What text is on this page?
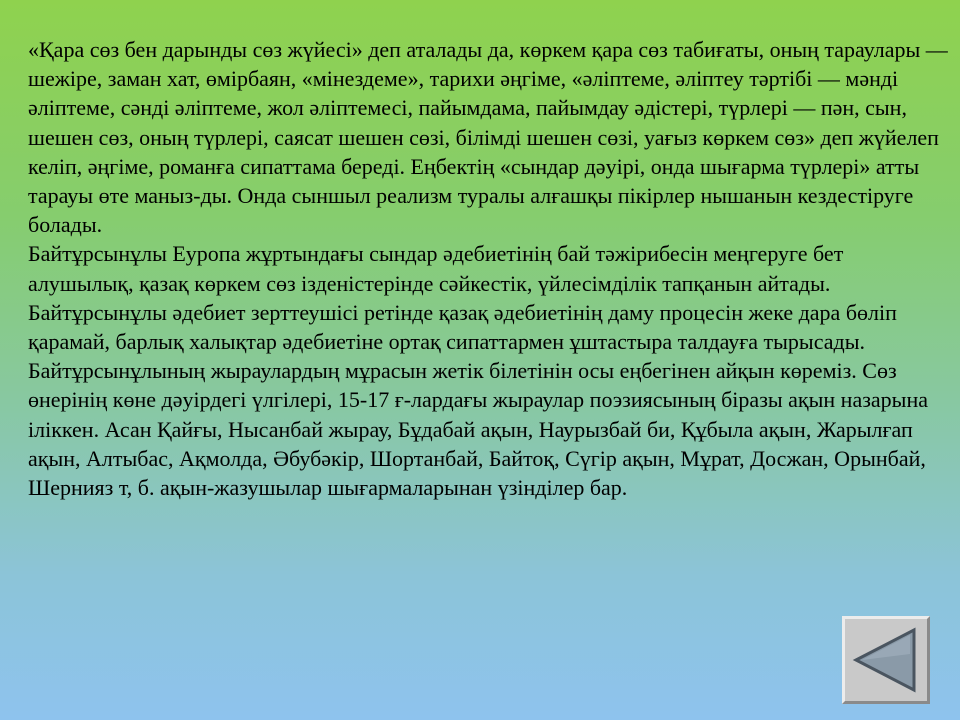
«Қара сөз бен дарынды сөз жүйесі» деп аталады да, көркем қара сөз табиғаты, оның тараулары — шежіре, заман хат, өмірбаян, «мінездеме», тарихи әңгіме, «әліптеме, әліптеу тәртібі — мәнді әліптеме, сәнді әліптеме, жол әліптемесі, пайымдама, пайымдау әдістері, түрлері — пән, сын, шешен сөз, оның түрлері, саясат шешен сөзі, білімді шешен сөзі, уағыз көркем сөз» деп жүйелеп келіп, әңгіме, романға сипаттама береді. Еңбектің «сындар дәуірі, онда шығарма түрлері» атты тарауы өте маныз-ды. Онда сыншыл реализм туралы алғашқы пікірлер нышанын кездестіруге болады.

Байтұрсынұлы Еуропа жұртындағы сындар әдебиетінің бай тәжірибесін меңгеруге бет алушылық, қазақ көркем сөз ізденістерінде сәйкестік, үйлесімділік тапқанын айтады. Байтұрсынұлы әдебиет зерттеушісі ретінде қазақ әдебиетінің даму процесін жеке дара бөліп қарамай, барлық халықтар әдебиетіне ортақ сипаттармен ұштастыра талдауға тырысады.

Байтұрсынұлының жыраулардың мұрасын жетік білетінін осы еңбегінен айқын көреміз. Сөз өнерінің көне дәуірдегі үлгілері, 15-17 ғ-лардағы жыраулар поэзиясының біразы ақын назарына іліккен. Асан Қайғы, Нысанбай жырау, Бұдабай ақын, Наурызбай би, Құбыла ақын, Жарылғап ақын, Алтыбас, Ақмолда, Әбубәкір, Шортанбай, Байтоқ, Сүгір ақын, Мұрат, Досжан, Орынбай, Шернияз т, б. ақын-жазушылар шығармаларынан үзінділер бар.
